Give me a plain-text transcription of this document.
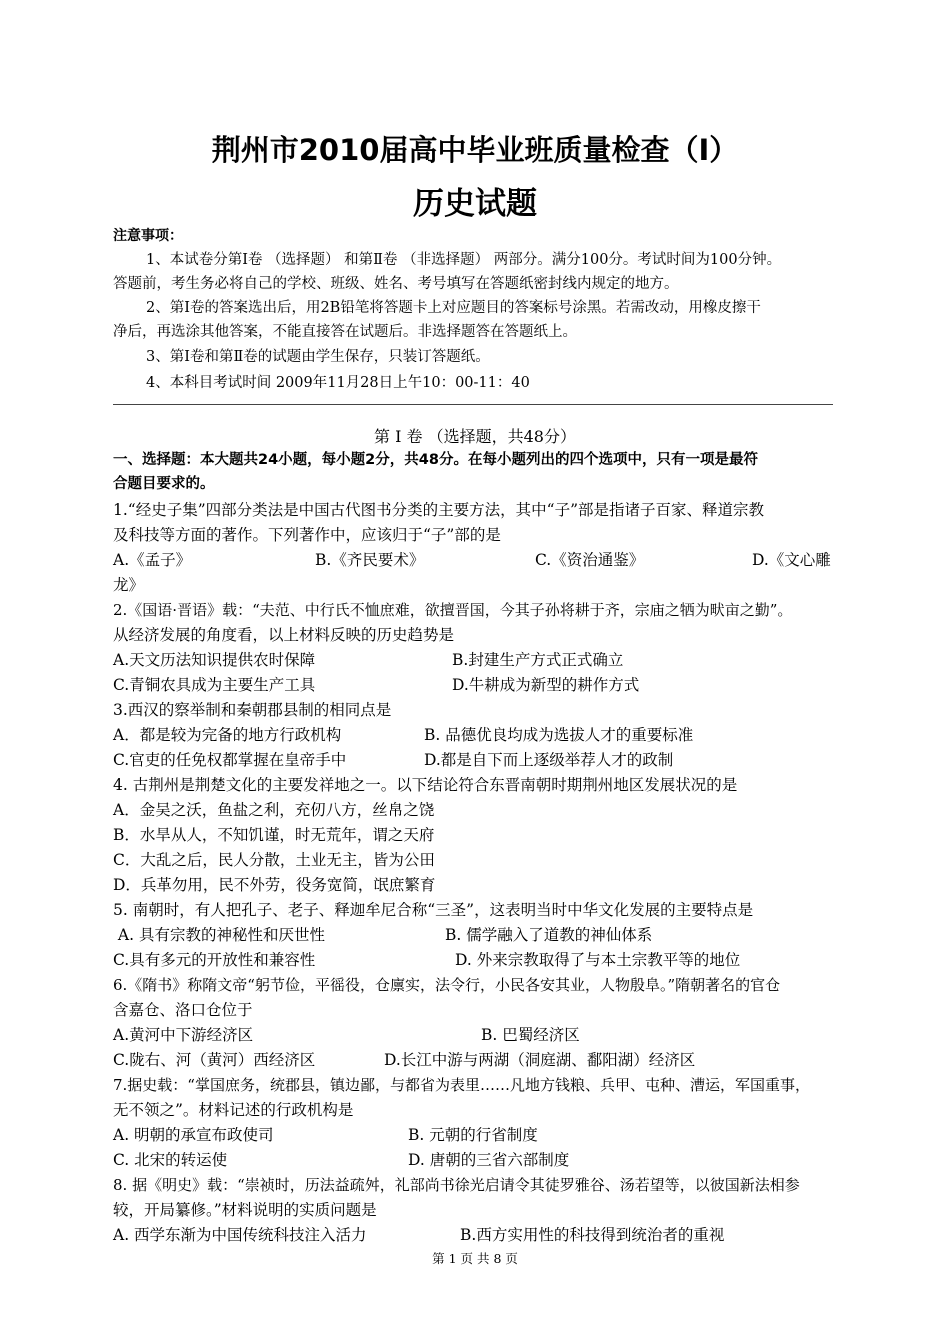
荆州市2010届高中毕业班质量检查（Ⅰ）
历史试题
注意事项：
1、本试卷分第Ⅰ卷 （选择题） 和第Ⅱ卷 （非选择题） 两部分。满分100分。考试时间为100分钟。
答题前，考生务必将自己的学校、班级、姓名、考号填写在答题纸密封线内规定的地方。
2、第Ⅰ卷的答案选出后，用2B铅笔将答题卡上对应题目的答案标号涂黑。若需改动，用橡皮擦干
净后，再选涂其他答案，不能直接答在试题后。非选择题答在答题纸上。
3、第Ⅰ卷和第Ⅱ卷的试题由学生保存，只装订答题纸。
4、本科目考试时间 2009年11月28日上午10：00-11：40
第 Ⅰ 卷 （选择题，共48分）
一、选择题：本大题共24小题，每小题2分，共48分。在每小题列出的四个选项中，只有一项是最符
合题目要求的。
1.“经史子集”四部分类法是中国古代图书分类的主要方法，其中“子”部是指诸子百家、释道宗教
及科技等方面的著作。下列著作中，应该归于“子”部的是
A.《孟子》	B.《齐民要术》	C.《资治通鉴》	D.《文心雕
龙》
2.《国语·晋语》载：“夫范、中行氏不恤庶难，欲擅晋国，今其子孙将耕于齐，宗庙之牺为畎亩之勤”。
从经济发展的角度看，以上材料反映的历史趋势是
A.天文历法知识提供农时保障	B.封建生产方式正式确立
C.青铜农具成为主要生产工具	D.牛耕成为新型的耕作方式
3.西汉的察举制和秦朝郡县制的相同点是
A．都是较为完备的地方行政机构	B. 品德优良均成为选拔人才的重要标准
C.官吏的任免权都掌握在皇帝手中	D.都是自下而上逐级举荐人才的政制
4. 古荆州是荆楚文化的主要发祥地之一。以下结论符合东晋南朝时期荆州地区发展状况的是
A．金吴之沃，鱼盐之利，充仞八方，丝帛之饶
B．水旱从人，不知饥谨，时无荒年，谓之天府
C．大乱之后，民人分散，土业无主，皆为公田
D．兵革勿用，民不外劳，役务宽简，氓庶繁育
5. 南朝时，有人把孔子、老子、释迦牟尼合称“三圣”，这表明当时中华文化发展的主要特点是
A. 具有宗教的神秘性和厌世性	B. 儒学融入了道教的神仙体系
C.具有多元的开放性和兼容性	D. 外来宗教取得了与本土宗教平等的地位
6.《隋书》称隋文帝“躬节俭，平徭役，仓廪实，法令行，小民各安其业，人物殷阜。”隋朝著名的官仓
含嘉仓、洛口仓位于
A.黄河中下游经济区	B. 巴蜀经济区
C.陇右、河（黄河）西经济区	D.长江中游与两湖（洞庭湖、鄱阳湖）经济区
7.据史载：“掌国庶务，统郡县，镇边鄙，与都省为表里……凡地方钱粮、兵甲、屯种、漕运，军国重事，
无不领之”。材料记述的行政机构是
A. 明朝的承宣布政使司	B. 元朝的行省制度
C. 北宋的转运使	D. 唐朝的三省六部制度
8. 据《明史》载：“崇祯时，历法益疏舛，礼部尚书徐光启请令其徒罗雅谷、汤若望等，以彼国新法相参
较，开局纂修。”材料说明的实质问题是
A. 西学东渐为中国传统科技注入活力	B.西方实用性的科技得到统治者的重视
第 1 页 共 8 页
